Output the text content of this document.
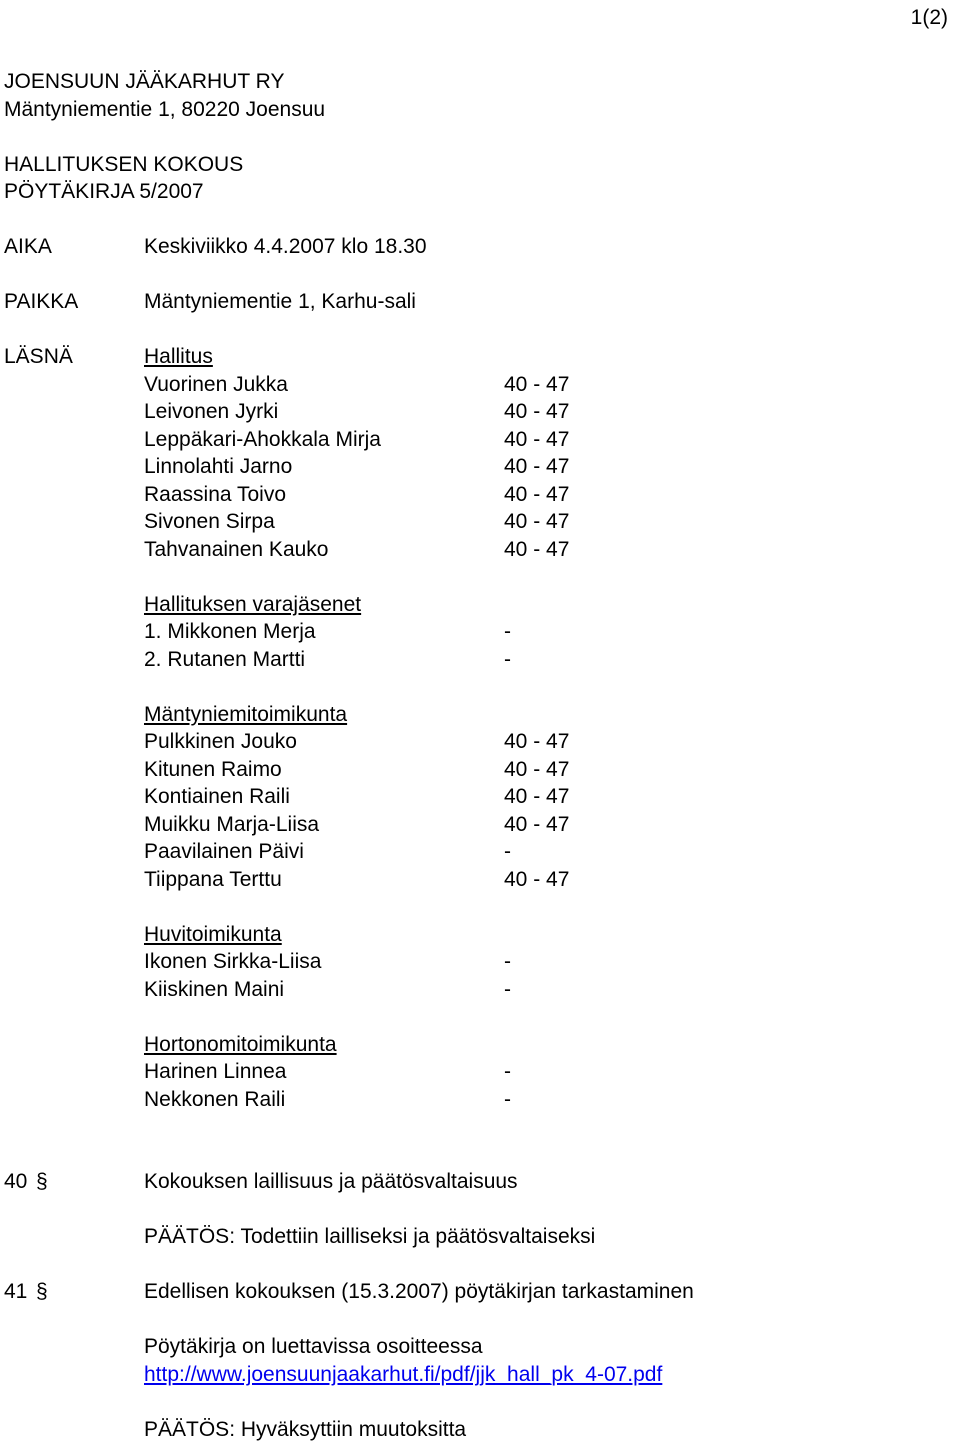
1(2)
JOENSUUN JÄÄKARHUT RY
Mäntyniementie 1, 80220 Joensuu
HALLITUKSEN KOKOUS
PÖYTÄKIRJA 5/2007
AIKA	Keskiviikko 4.4.2007 klo 18.30
PAIKKA	Mäntyniementie 1, Karhu-sali
LÄSNÄ	Hallitus
Vuorinen Jukka	40 - 47
Leivonen Jyrki	40 - 47
Leppäkari-Ahokkala Mirja	40 - 47
Linnolahti Jarno	40 - 47
Raassina Toivo	40 - 47
Sivonen Sirpa	40 - 47
Tahvanainen Kauko	40 - 47
Hallituksen varajäsenet
1. Mikkonen Merja	-
2. Rutanen Martti	-
Mäntyniemitoimikunta
Pulkkinen Jouko	40 - 47
Kitunen Raimo	40 - 47
Kontiainen Raili	40 - 47
Muikku Marja-Liisa	40 - 47
Paavilainen Päivi	-
Tiippana Terttu	40 - 47
Huvitoimikunta
Ikonen Sirkka-Liisa	-
Kiiskinen Maini	-
Hortonomitoimikunta
Harinen Linnea	-
Nekkonen Raili	-
40 §	Kokouksen laillisuus ja päätösvaltaisuus
PÄÄTÖS: Todettiin lailliseksi ja päätösvaltaiseksi
41 §	Edellisen kokouksen (15.3.2007) pöytäkirjan tarkastaminen
Pöytäkirja on luettavissa osoitteessa
http://www.joensuunjaakarhut.fi/pdf/jjk_hall_pk_4-07.pdf
PÄÄTÖS: Hyväksyttiin muutoksitta
